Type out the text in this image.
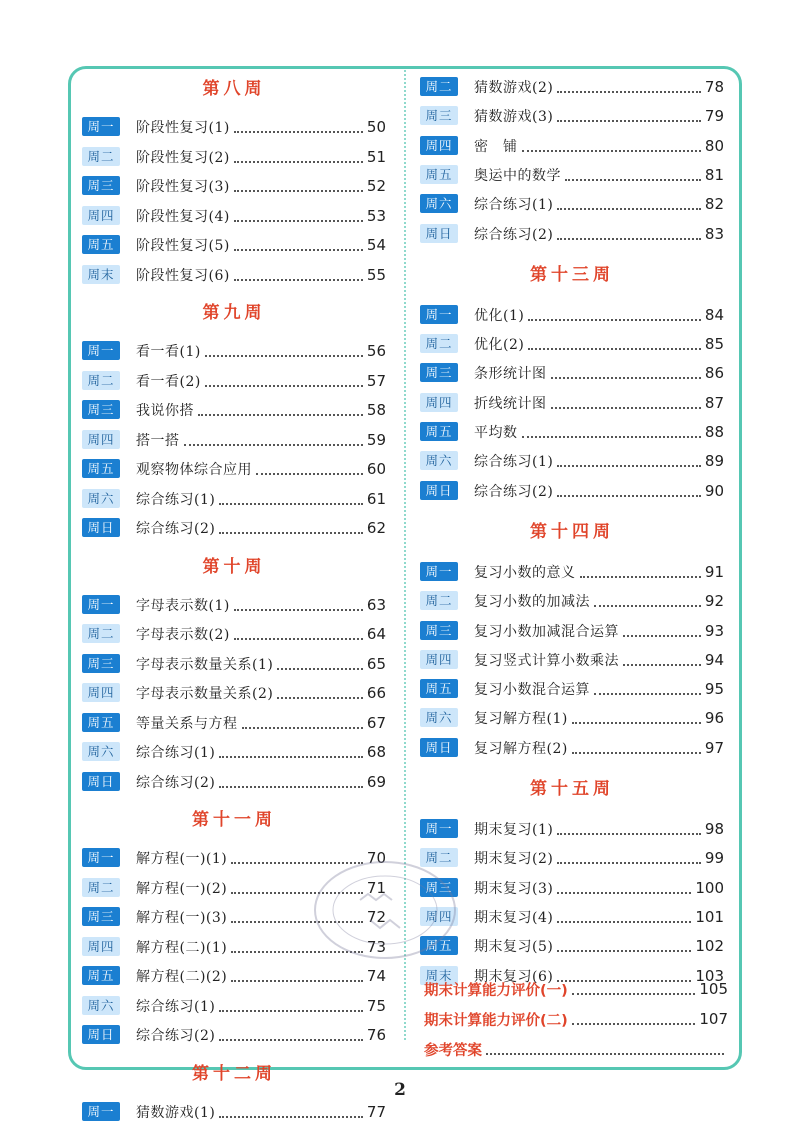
第八周
周一	阶段性复习(1)	50
周二	阶段性复习(2)	51
周三	阶段性复习(3)	52
周四	阶段性复习(4)	53
周五	阶段性复习(5)	54
周末	阶段性复习(6)	55
第九周
周一	看一看(1)	56
周二	看一看(2)	57
周三	我说你搭	58
周四	搭一搭	59
周五	观察物体综合应用	60
周六	综合练习(1)	61
周日	综合练习(2)	62
第十周
周一	字母表示数(1)	63
周二	字母表示数(2)	64
周三	字母表示数量关系(1)	65
周四	字母表示数量关系(2)	66
周五	等量关系与方程	67
周六	综合练习(1)	68
周日	综合练习(2)	69
第十一周
周一	解方程(一)(1)	70
周二	解方程(一)(2)	71
周三	解方程(一)(3)	72
周四	解方程(二)(1)	73
周五	解方程(二)(2)	74
周六	综合练习(1)	75
周日	综合练习(2)	76
第十二周
周一	猜数游戏(1)	77
周二	猜数游戏(2)	78
周三	猜数游戏(3)	79
周四	密　铺	80
周五	奥运中的数学	81
周六	综合练习(1)	82
周日	综合练习(2)	83
第十三周
周一	优化(1)	84
周二	优化(2)	85
周三	条形统计图	86
周四	折线统计图	87
周五	平均数	88
周六	综合练习(1)	89
周日	综合练习(2)	90
第十四周
周一	复习小数的意义	91
周二	复习小数的加减法	92
周三	复习小数加减混合运算	93
周四	复习竖式计算小数乘法	94
周五	复习小数混合运算	95
周六	复习解方程(1)	96
周日	复习解方程(2)	97
第十五周
周一	期末复习(1)	98
周二	期末复习(2)	99
周三	期末复习(3)	100
周四	期末复习(4)	101
周五	期末复习(5)	102
周末	期末复习(6)	103
期末计算能力评价(一)	105
期末计算能力评价(二)	107
参考答案
2
